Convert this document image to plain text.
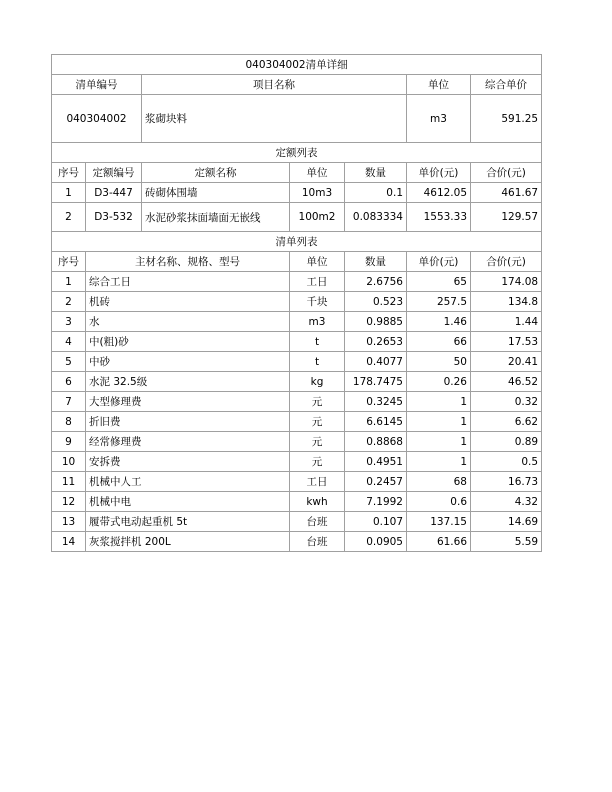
040304002清单详细						
清单编号		项目名称			单位	综合单价
040304002		浆砌块料			m3	591.25
定额列表						
序号	定额编号	定额名称	单位	数量	单价(元)	合价(元)
1	D3-447	砖砌体围墙	10m3	0.1	4612.05	461.67
2	D3-532	水泥砂浆抹面墙面无嵌线	100m2	0.083334	1553.33	129.57
清单列表						
序号	主材名称、规格、型号		单位	数量	单价(元)	合价(元)
1	综合工日		工日	2.6756	65	174.08
2	机砖		千块	0.523	257.5	134.8
3	水		m3	0.9885	1.46	1.44
4	中(粗)砂		t	0.2653	66	17.53
5	中砂		t	0.4077	50	20.41
6	水泥 32.5级		kg	178.7475	0.26	46.52
7	大型修理费		元	0.3245	1	0.32
8	折旧费		元	6.6145	1	6.62
9	经常修理费		元	0.8868	1	0.89
10	安拆费		元	0.4951	1	0.5
11	机械中人工		工日	0.2457	68	16.73
12	机械中电		kwh	7.1992	0.6	4.32
13	履带式电动起重机 5t		台班	0.107	137.15	14.69
14	灰浆搅拌机 200L		台班	0.0905	61.66	5.59
